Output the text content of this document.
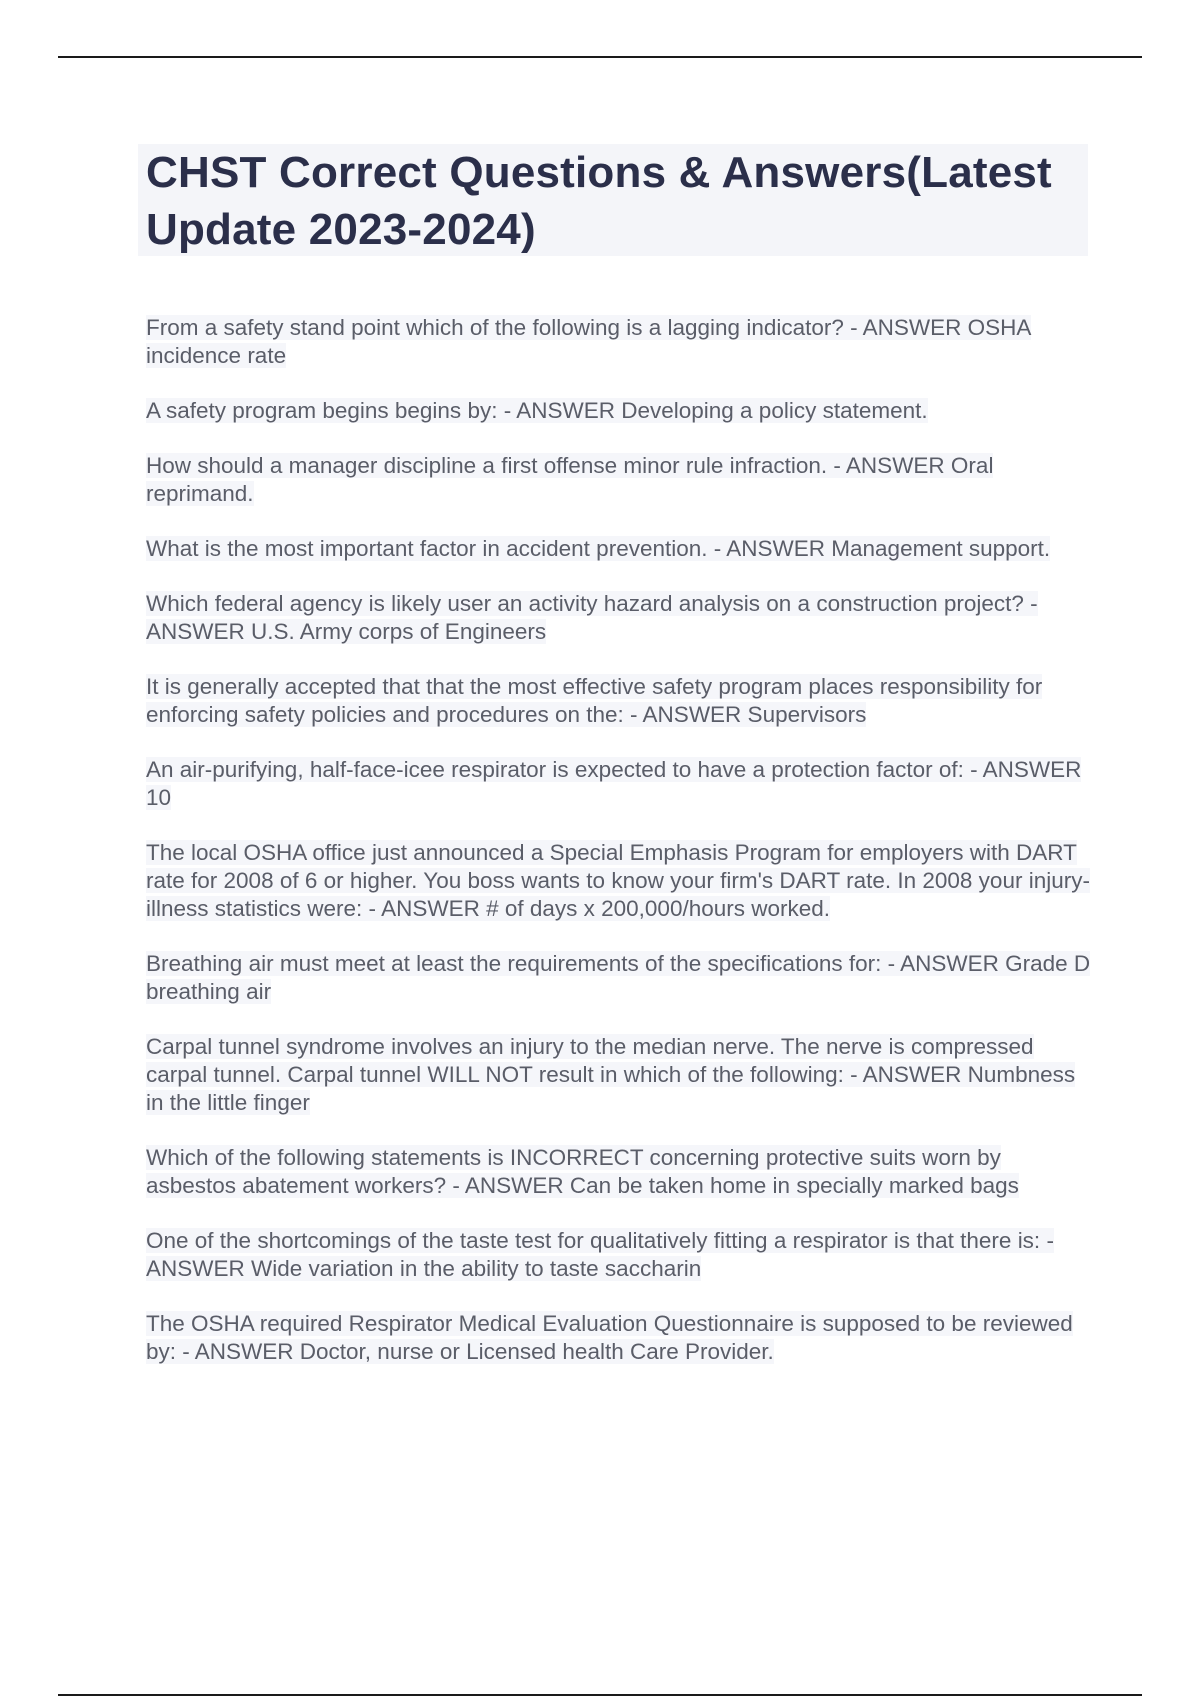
CHST Correct Questions & Answers(Latest Update 2023-2024)
From a safety stand point which of the following is a lagging indicator? - ANSWER OSHA incidence rate
A safety program begins begins by: - ANSWER Developing a policy statement.
How should a manager discipline a first offense minor rule infraction. - ANSWER Oral reprimand.
What is the most important factor in accident prevention. - ANSWER Management support.
Which federal agency is likely user an activity hazard analysis on a construction project? - ANSWER U.S. Army corps of Engineers
It is generally accepted that that the most effective safety program places responsibility for enforcing safety policies and procedures on the: - ANSWER Supervisors
An air-purifying, half-face-icee respirator is expected to have a protection factor of: - ANSWER 10
The local OSHA office just announced a Special Emphasis Program for employers with DART rate for 2008 of 6 or higher. You boss wants to know your firm's DART rate. In 2008 your injury-illness statistics were: - ANSWER # of days x 200,000/hours worked.
Breathing air must meet at least the requirements of the specifications for: - ANSWER Grade D breathing air
Carpal tunnel syndrome involves an injury to the median nerve. The nerve is compressed carpal tunnel. Carpal tunnel WILL NOT result in which of the following: - ANSWER Numbness in the little finger
Which of the following statements is INCORRECT concerning protective suits worn by asbestos abatement workers? - ANSWER Can be taken home in specially marked bags
One of the shortcomings of the taste test for qualitatively fitting a respirator is that there is: - ANSWER Wide variation in the ability to taste saccharin
The OSHA required Respirator Medical Evaluation Questionnaire is supposed to be reviewed by: - ANSWER Doctor, nurse or Licensed health Care Provider.
